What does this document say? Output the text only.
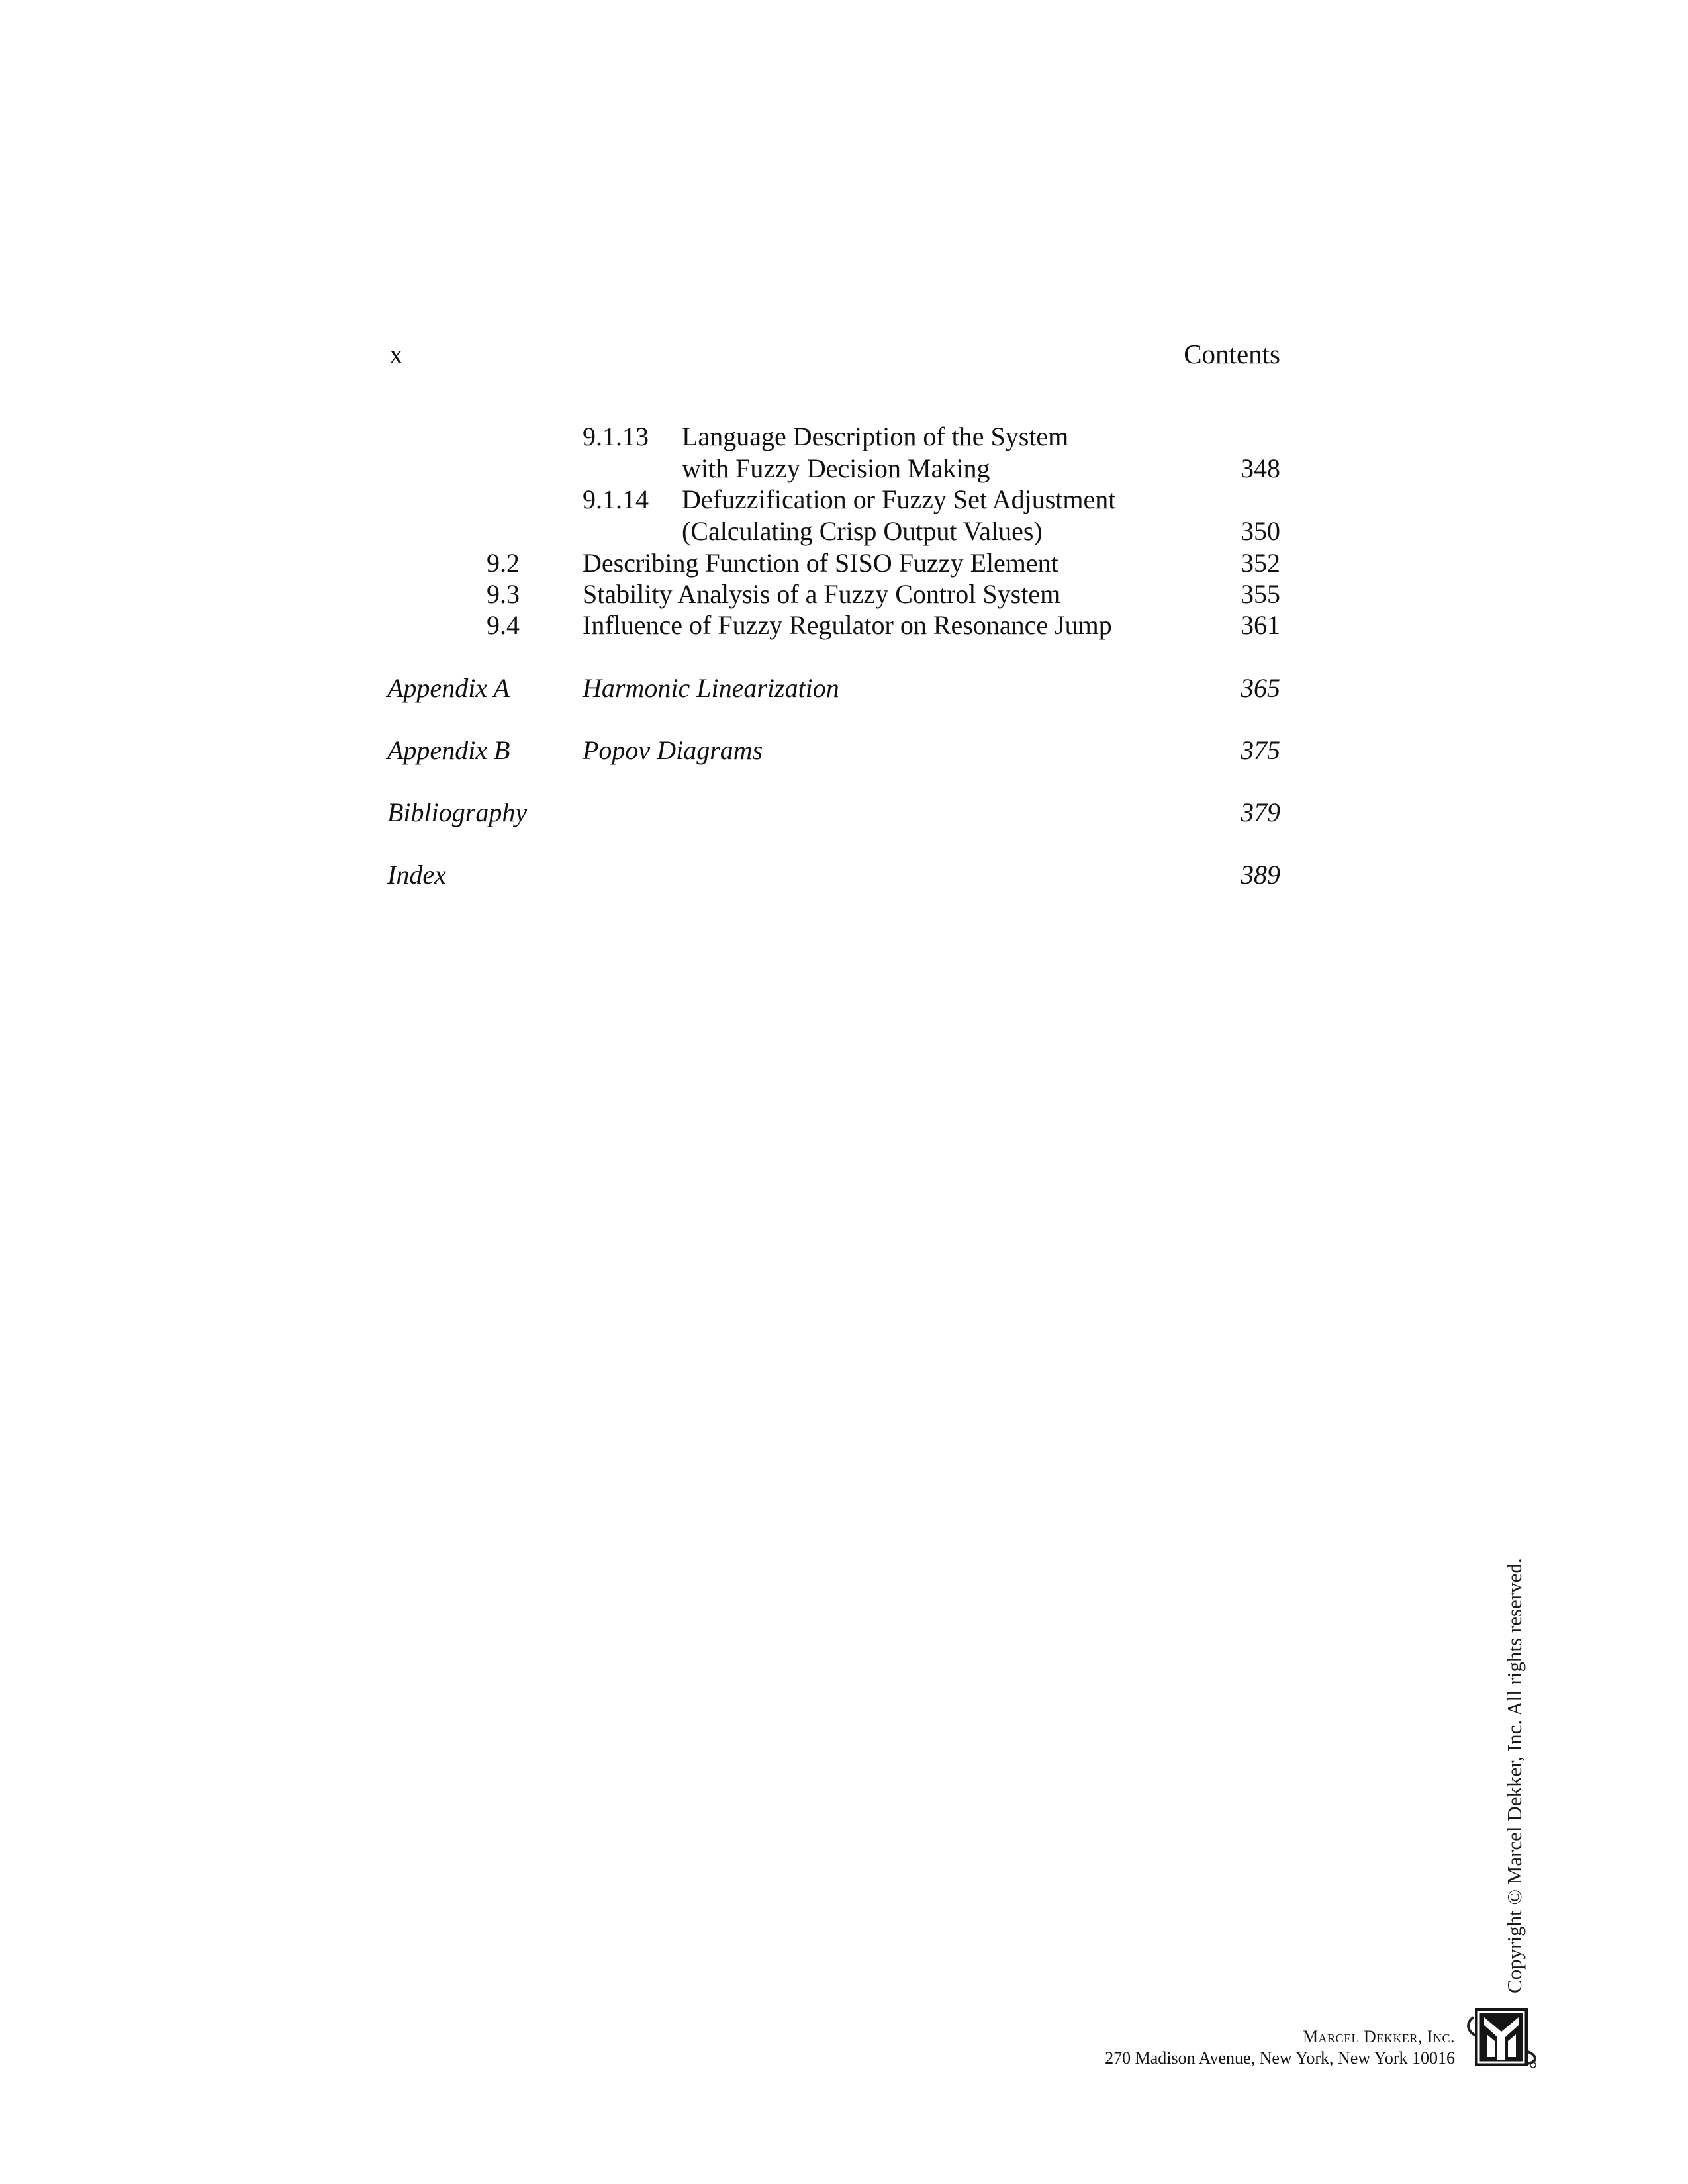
x	Contents
9.1.13 Language Description of the System
with Fuzzy Decision Making	348
9.1.14 Defuzzification or Fuzzy Set Adjustment
(Calculating Crisp Output Values)	350
9.2 Describing Function of SISO Fuzzy Element	352
9.3 Stability Analysis of a Fuzzy Control System	355
9.4 Influence of Fuzzy Regulator on Resonance Jump	361
Appendix A	Harmonic Linearization	365
Appendix B	Popov Diagrams	375
Bibliography	379
Index	389
Copyright © Marcel Dekker, Inc. All rights reserved.
Marcel Dekker, Inc.
270 Madison Avenue, New York, New York 10016
